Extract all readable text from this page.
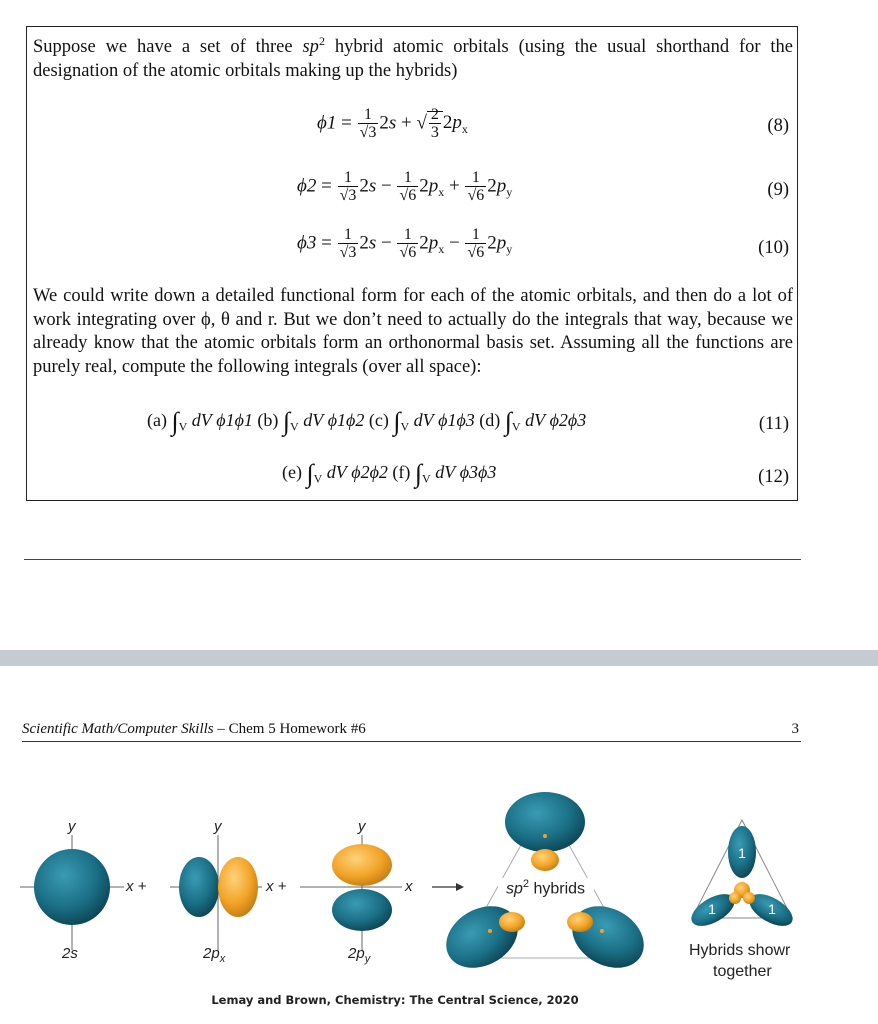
Suppose we have a set of three $sp^2$ hybrid atomic orbitals (using the usual shorthand for the designation of the atomic orbitals making up the hybrids)
$\phi 1 = \frac{1}{√3} 2s$ + √ $\frac{2}{3} 2p_x$	(8)
$\phi 2 = \frac{1}{√3} 2s - \frac{1}{√6} 2p_x + \frac{1}{√6} 2p_y$	(9)
$\phi 3 = \frac{1}{√3} 2s - \frac{1}{√6} 2p_x - \frac{1}{√6} 2p_y$	(10)
We could write down a detailed functional form for each of the atomic orbitals, and then do a lot of work integrating over ϕ, θ and r. But we don’t need to actually do the integrals that way, because we already know that the atomic orbitals form an orthonormal basis set. Assuming all the functions are purely real, compute the following integrals (over all space):
(a) $\int_V$ dV ϕ1ϕ1 (b) $\int_V$ dV ϕ1ϕ2 (c) $\int_V$ dV ϕ1ϕ3 (d) $\int_V$ dV ϕ2ϕ3	(11)
(e) $\int_V$ dV ϕ2ϕ2 (f) $\int_V$ dV ϕ3ϕ3	(12)
Scientific Math/Computer Skills – Chem 5 Homework #6	3
1
1	1
y	y	y
x +	x +	x
2s	$2p_x$	$2p_y$
$sp^2$ hybrids
Hybrids showr
together
Lemay and Brown, Chemistry: The Central Science, 2020
